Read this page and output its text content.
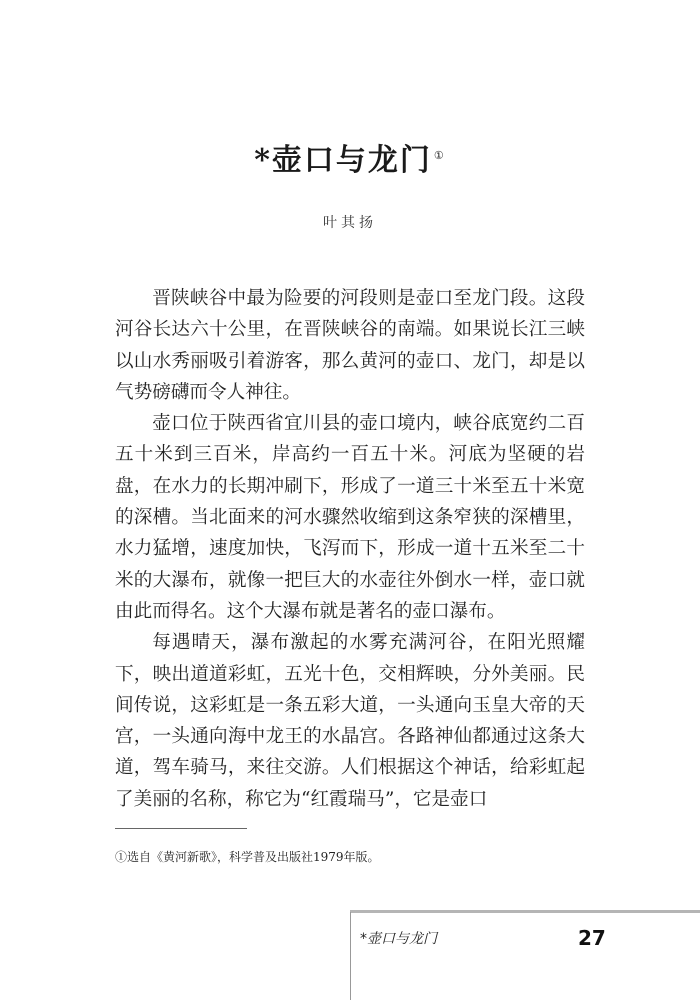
*壶口与龙门 ①
叶其扬

晋陕峡谷中最为险要的河段则是壶口至龙门段。这段河谷长达六十公里，在晋陕峡谷的南端。如果说长江三峡以山水秀丽吸引着游客，那么黄河的壶口、龙门，却是以气势磅礴而令人神往。

壶口位于陕西省宜川县的壶口境内，峡谷底宽约二百五十米到三百米，岸高约一百五十米。河底为坚硬的岩盘，在水力的长期冲刷下，形成了一道三十米至五十米宽的深槽。当北面来的河水骤然收缩到这条窄狭的深槽里，水力猛增，速度加快，飞泻而下，形成一道十五米至二十米的大瀑布，就像一把巨大的水壶往外倒水一样，壶口就由此而得名。这个大瀑布就是著名的壶口瀑布。

每遇晴天，瀑布激起的水雾充满河谷，在阳光照耀下，映出道道彩虹，五光十色，交相辉映，分外美丽。民间传说，这彩虹是一条五彩大道，一头通向玉皇大帝的天宫，一头通向海中龙王的水晶宫。各路神仙都通过这条大道，驾车骑马，来往交游。人们根据这个神话，给彩虹起了美丽的名称，称它为“红霞瑞马”，它是壶口

①选自《黄河新歌》，科学普及出版社1979年版。
*壶口与龙门	27
